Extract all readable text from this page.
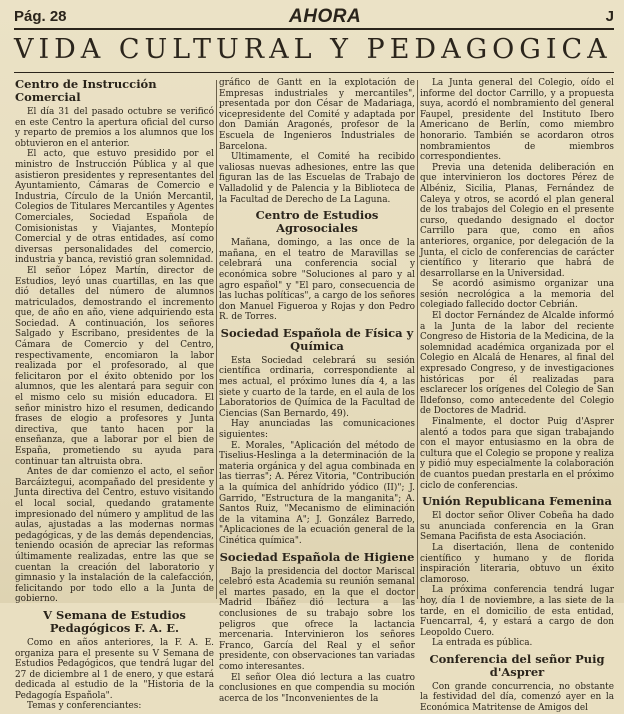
Pág. 28	AHORA	J
VIDA CULTURAL Y PEDAGOGICA
Centro de Instrucción Comercial

El día 31 del pasado octubre se verificó en este Centro la apertura oficial del curso y reparto de premios a los alumnos que los obtuvieron en el anterior.

El acto, que estuvo presidido por el ministro de Instrucción Pública y al que asistieron presidentes y representantes del Ayuntamiento, Cámaras de Comercio e Industria, Círculo de la Unión Mercantil, Colegios de Titulares Mercantiles y Agentes Comerciales, Sociedad Española de Comisionistas y Viajantes, Montepío Comercial y de otras entidades, así como diversas personalidades del comercio, industria y banca, revistió gran solemnidad.

El señor López Martín, director de Estudios, leyó unas cuartillas, en las que dió detalles del número de alumnos matriculados, demostrando el incremento que, de año en año, viene adquiriendo esta Sociedad. A continuación, los señores Salgado y Escribano, presidentes de la Cámara de Comercio y del Centro, respectivamente, encomiaron la labor realizada por el profesorado, al que felicitaron por el éxito obtenido por los alumnos, que les alentará para seguir con el mismo celo su misión educadora. El señor ministro hizo el resumen, dedicando frases de elogio a profesores y Junta directiva, que tanto hacen por la enseñanza, que a laborar por el bien de España, prometiendo su ayuda para continuar tan altruista obra.

Antes de dar comienzo el acto, el señor Barcáiztegui, acompañado del presidente y Junta directiva del Centro, estuvo visitando el local social, quedando gratamente impresionado del número y amplitud de las aulas, ajustadas a las modernas normas pedagógicas, y de las demás dependencias, teniendo ocasión de apreciar las reformas últimamente realizadas, entre las que se cuentan la creación del laboratorio y gimnasio y la instalación de la calefacción, felicitando por todo ello a la Junta de gobierno.

V Semana de Estudios Pedagógicos F. A. E.

Como en años anteriores, la F. A. E. organiza para el presente su V Semana de Estudios Pedagógicos, que tendrá lugar del 27 de diciembre al 1 de enero, y que estará dedicada al estudio de la "Historia de la Pedagogía Española".

Temas y conferenciantes:

gráfico de Gantt en la explotación de Empresas industriales y mercantiles", presentada por don César de Madariaga, vicepresidente del Comité y adaptada por don Damián Aragonés, profesor de la Escuela de Ingenieros Industriales de Barcelona.

Ultimamente, el Comité ha recibido valiosas nuevas adhesiones, entre las que figuran las de las Escuelas de Trabajo de Valladolid y de Palencia y la Biblioteca de la Facultad de Derecho de La Laguna.

Centro de Estudios Agrosociales

Mañana, domingo, a las once de la mañana, en el teatro de Maravillas se celebrará una conferencia social y económica sobre "Soluciones al paro y al agro español" y "El paro, consecuencia de las luchas políticas", a cargo de los señores don Manuel Figueroa y Rojas y don Pedro R. de Torres.

Sociedad Española de Física y Química

Esta Sociedad celebrará su sesión científica ordinaria, correspondiente al mes actual, el próximo lunes día 4, a las siete y cuarto de la tarde, en el aula de los Laboratorios de Química de la Facultad de Ciencias (San Bernardo, 49).

Hay anunciadas las comunicaciones siguientes:

E. Morales, "Aplicación del método de Tiselius-Heslinga a la determinación de la materia orgánica y del agua combinada en las tierras"; A. Pérez Vitoria, "Contribución a la química del anhídrido yódico (II)"; J. Garrido, "Estructura de la manganita"; A. Santos Ruiz, "Mecanismo de eliminación de la vitamina A"; J. González Barredo, "Aplicaciones de la ecuación general de la Cinética química".

Sociedad Española de Higiene

Bajo la presidencia del doctor Mariscal celebró esta Academia su reunión semanal el martes pasado, en la que el doctor Madrid Ibáñez dió lectura a las conclusiones de su trabajo sobre los peligros que ofrece la lactancia mercenaria. Intervinieron los señores Franco, García del Real y el señor presidente, con observaciones tan variadas como interesantes.

El señor Olea dió lectura a las cuatro conclusiones en que compendia su moción acerca de los "Inconvenientes de la

La Junta general del Colegio, oído el informe del doctor Carrillo, y a propuesta suya, acordó el nombramiento del general Faupel, presidente del Instituto Ibero Americano de Berlín, como miembro honorario. También se acordaron otros nombramientos de miembros correspondientes.

Previa una detenida deliberación en que intervinieron los doctores Pérez de Albéniz, Sicilia, Planas, Fernández de Caleya y otros, se acordó el plan general de los trabajos del Colegio en el presente curso, quedando designado el doctor Carrillo para que, como en años anteriores, organice, por delegación de la Junta, el ciclo de conferencias de carácter científico y literario que habrá de desarrollarse en la Universidad.

Se acordó asimismo organizar una sesión necrológica a la memoria del colegiado fallecido doctor Cebrián.

El doctor Fernández de Alcalde informó a la Junta de la labor del reciente Congreso de Historia de la Medicina, de la solemnidad académica organizada por el Colegio en Alcalá de Henares, al final del expresado Congreso, y de investigaciones históricas por él realizadas para esclarecer los orígenes del Colegio de San Ildefonso, como antecedente del Colegio de Doctores de Madrid.

Finalmente, el doctor Puig d'Asprer alentó a todos para que sigan trabajando con el mayor entusiasmo en la obra de cultura que el Colegio se propone y realiza y pidió muy especialmente la colaboración de cuantos puedan prestarla en el próximo ciclo de conferencias.

Unión Republicana Femenina

El doctor señor Oliver Cobeña ha dado su anunciada conferencia en la Gran Semana Pacifista de esta Asociación.

La disertación, llena de contenido científico y humano y de florida inspiración literaria, obtuvo un éxito clamoroso.

La próxima conferencia tendrá lugar hoy, día 1 de noviembre, a las siete de la tarde, en el domicilio de esta entidad, Fuencarral, 4, y estará a cargo de don Leopoldo Cuero.

La entrada es pública.

Conferencia del señor Puig d'Asprer

Con grande concurrencia, no obstante la festividad del día, comenzó ayer en la Económica Matritense de Amigos del
